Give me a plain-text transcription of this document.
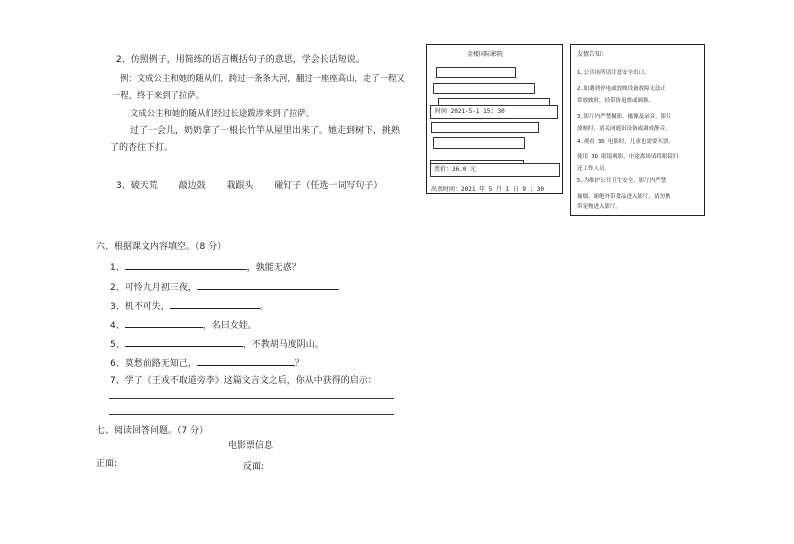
2、仿照例子，用简练的语言概括句子的意思，学会长话短说。
例：文成公主和她的随从们，跨过一条条大河，翻过一座座高山，走了一程又
一程，终于来到了拉萨。
文成公主和她的随从们经过长途跋涉来到了拉萨。
过了一会儿，奶奶拿了一根长竹竿从屋里出来了。她走到树下，挑熟
了的杏往下打。
3、破天荒 敲边鼓 栽跟头 碰钉子（任选一词写句子）
六、根据课文内容填空。（8 分）
1、	，孰能无惑？
2、可怜九月初三夜，
3、机不可失，	。
4、	，名曰女娃。
5、	，不教胡马度阴山。
6、莫愁前路无知己，	？
7、学了《王戎不取道旁李》这篇文言文之后，你从中获得的启示：
七、阅读回答问题。（7 分）
电影票信息
正面:	反面:
金楼国际影院
时间 2021-5-1 15: 30
票价：36.0 元
出票时间：2021 年 5 月 1 日 9 : 30
友情告知：
1.公共场所请注意安全出口。
2.如遇到停电或放映设备故障无法正
常放映时，经带协退票或调换。
3.影厅内严禁摄影、摄像及录音，影片
放映时，请关闭通讯设备或调成静音。
4.观看 3D 电影时，儿童也需要买票。
使用 3D 眼镜观影，中途离场请将眼镜归
还工作人员。
5.为维护公共卫生安全，影厅内严禁
抽烟，谢绝外带食品进入影厅，请勿携
带宠物进入影厅。
